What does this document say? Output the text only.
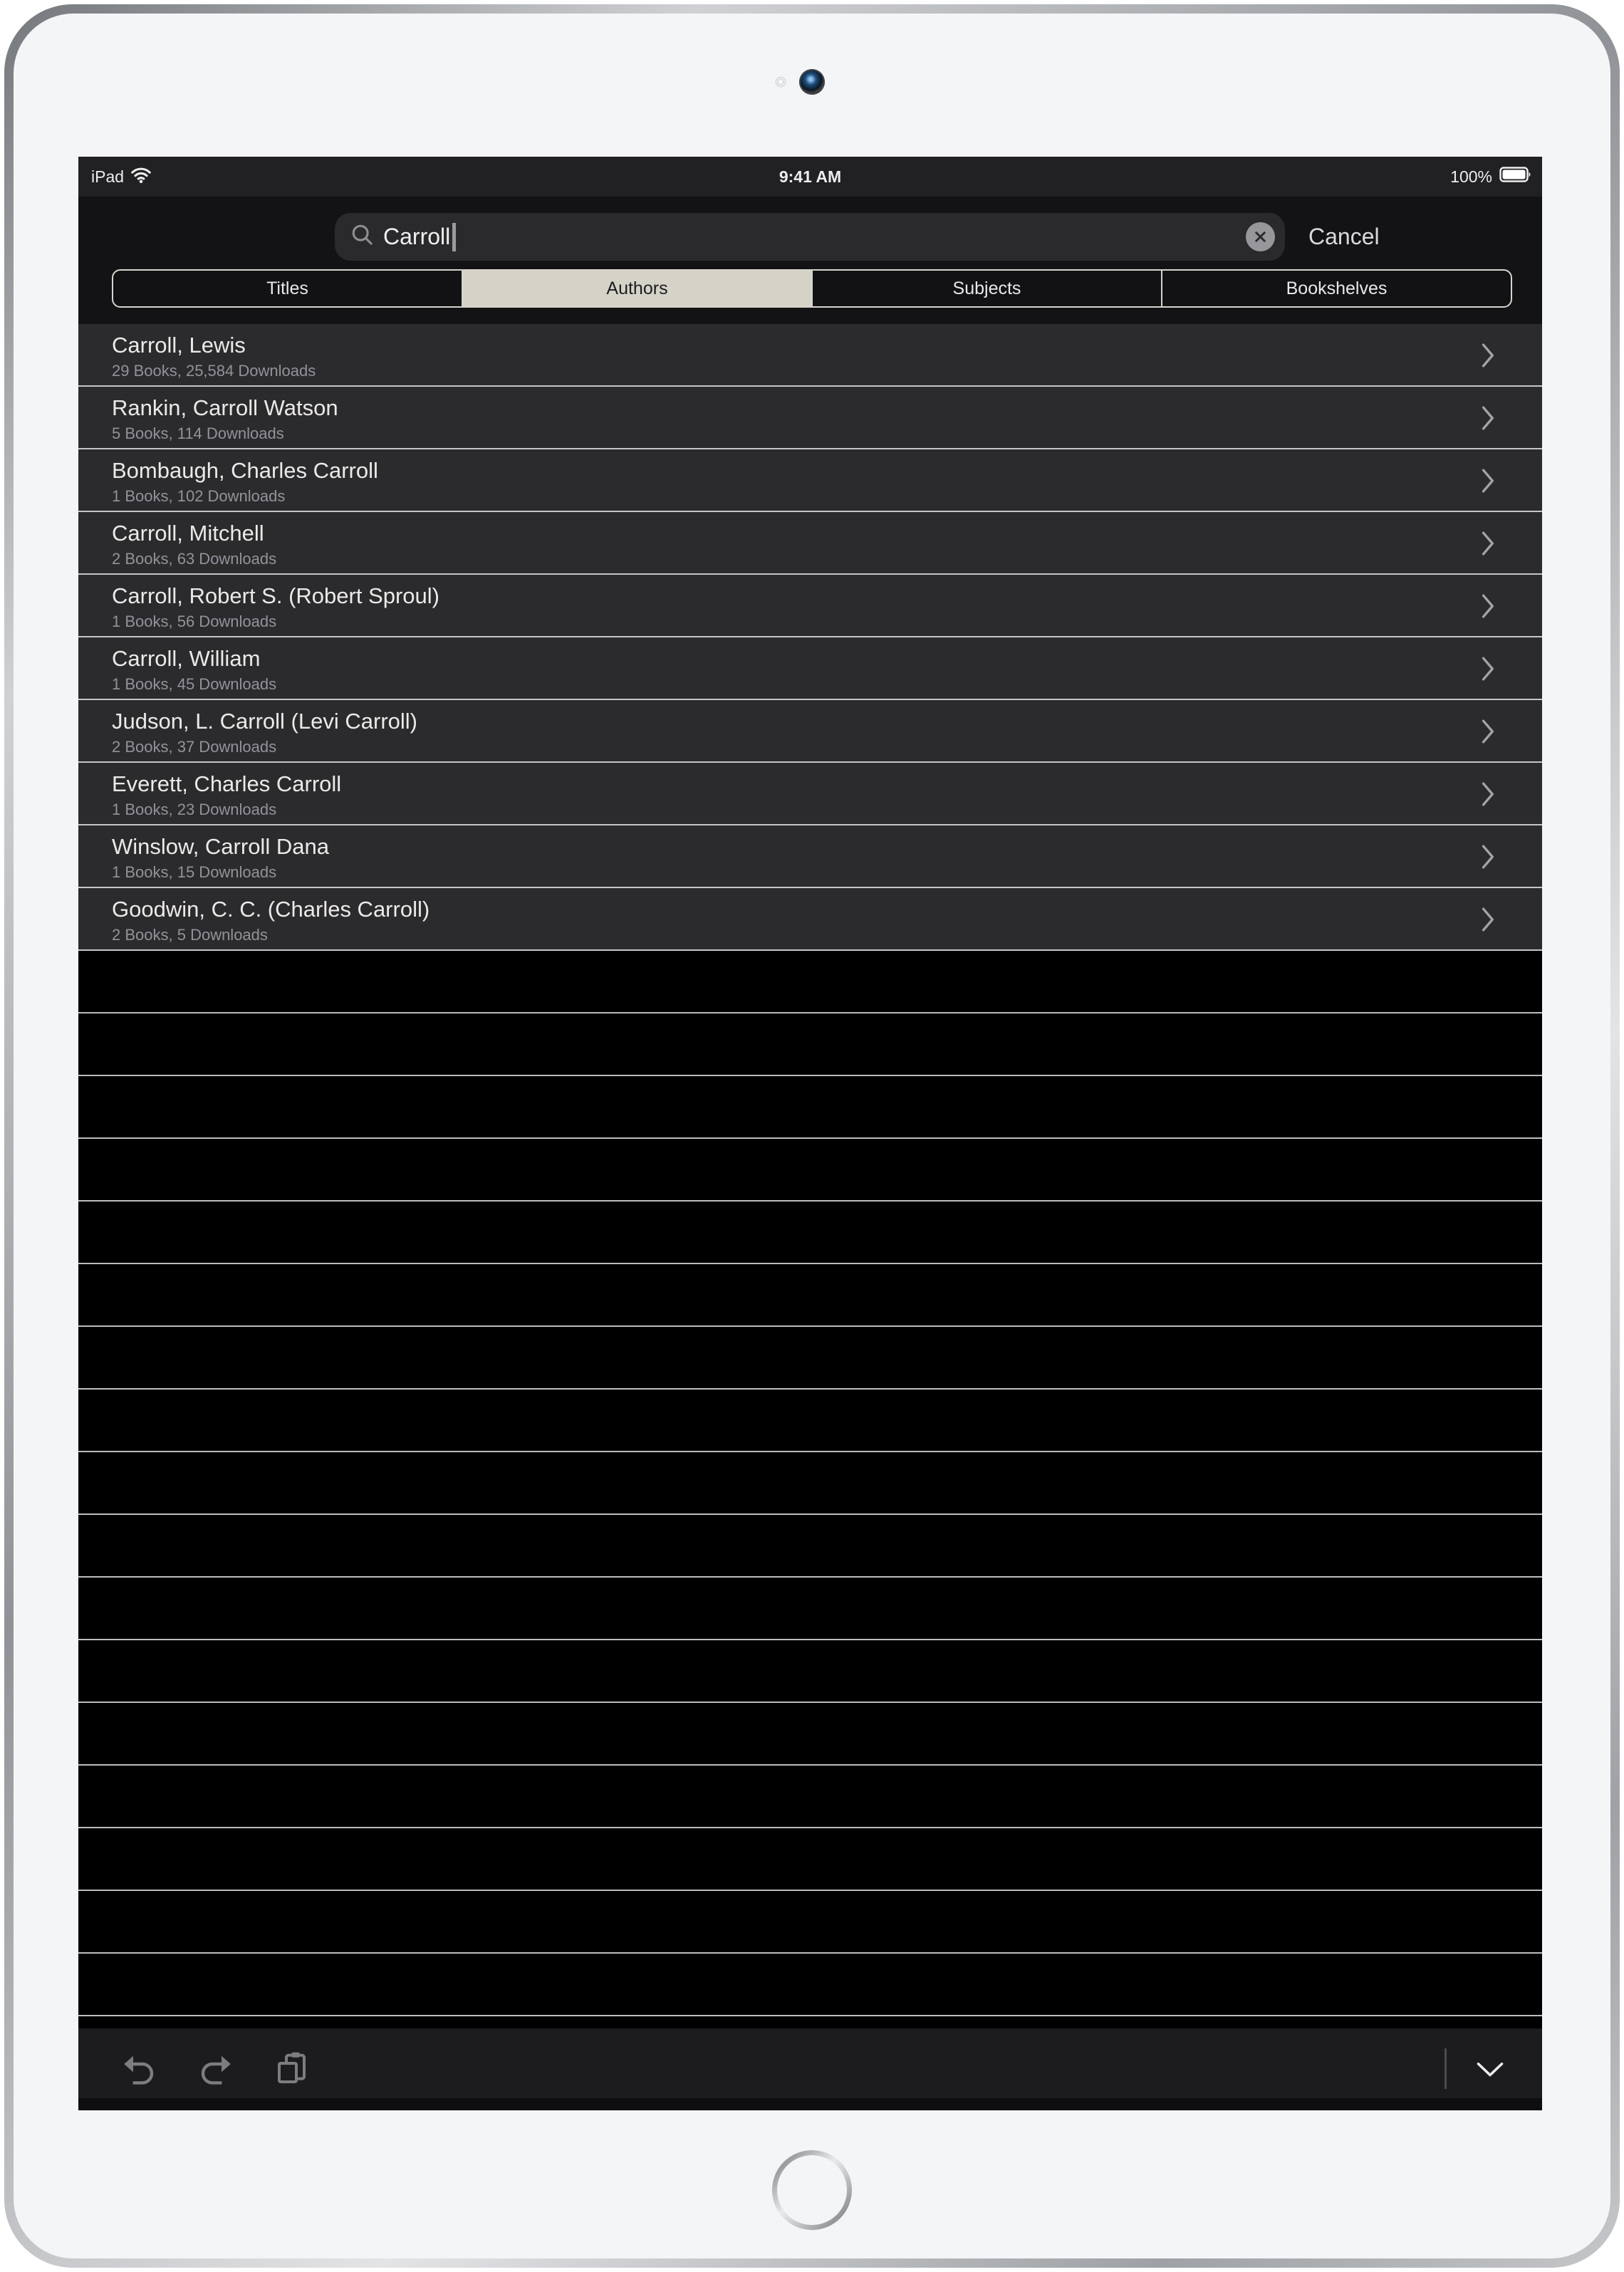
9:41 AM
iPad	100%
Carroll	Cancel
Titles	Authors	Subjects	Bookshelves
Carroll, Lewis
29 Books, 25,584 Downloads
Rankin, Carroll Watson
5 Books, 114 Downloads
Bombaugh, Charles Carroll
1 Books, 102 Downloads
Carroll, Mitchell
2 Books, 63 Downloads
Carroll, Robert S. (Robert Sproul)
1 Books, 56 Downloads
Carroll, William
1 Books, 45 Downloads
Judson, L. Carroll (Levi Carroll)
2 Books, 37 Downloads
Everett, Charles Carroll
1 Books, 23 Downloads
Winslow, Carroll Dana
1 Books, 15 Downloads
Goodwin, C. C. (Charles Carroll)
2 Books, 5 Downloads
